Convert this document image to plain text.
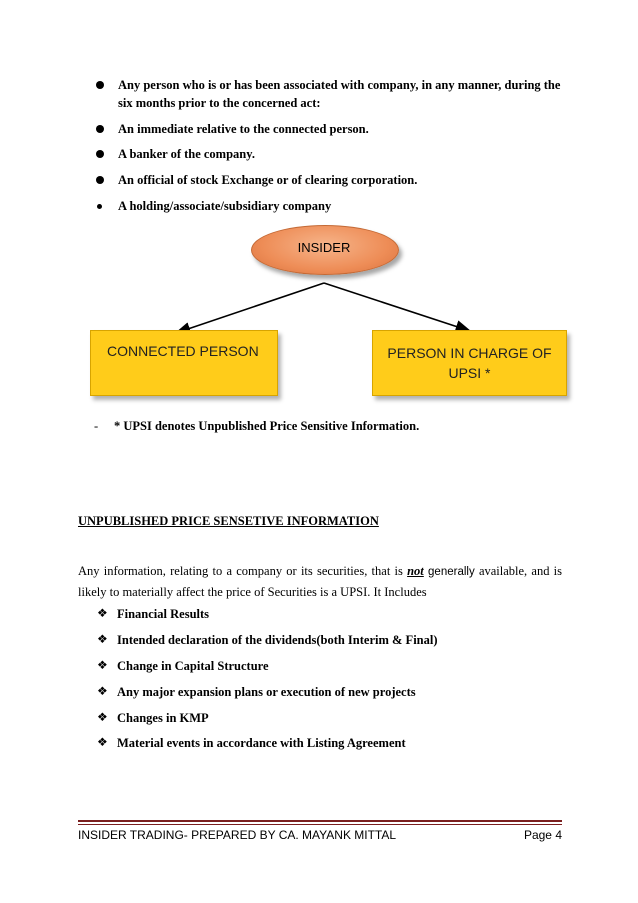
Any person who is or has been associated with company, in any manner, during the six months prior to the concerned act:
An immediate relative to the connected person.
A banker of the company.
An official of stock Exchange or of clearing corporation.
A holding/associate/subsidiary company
INSIDER
CONNECTED PERSON	PERSON IN CHARGE OF UPSI *
- * UPSI denotes Unpublished Price Sensitive Information.
UNPUBLISHED PRICE SENSETIVE INFORMATION
Any information, relating to a company or its securities, that is not generally available, and is likely to materially affect the price of Securities is a UPSI. It Includes
❖ Financial Results
❖ Intended declaration of the dividends(both Interim & Final)
❖ Change in Capital Structure
❖ Any major expansion plans or execution of new projects
❖ Changes in KMP
❖ Material events in accordance with Listing Agreement
INSIDER TRADING- PREPARED BY CA. MAYANK MITTAL	Page 4
